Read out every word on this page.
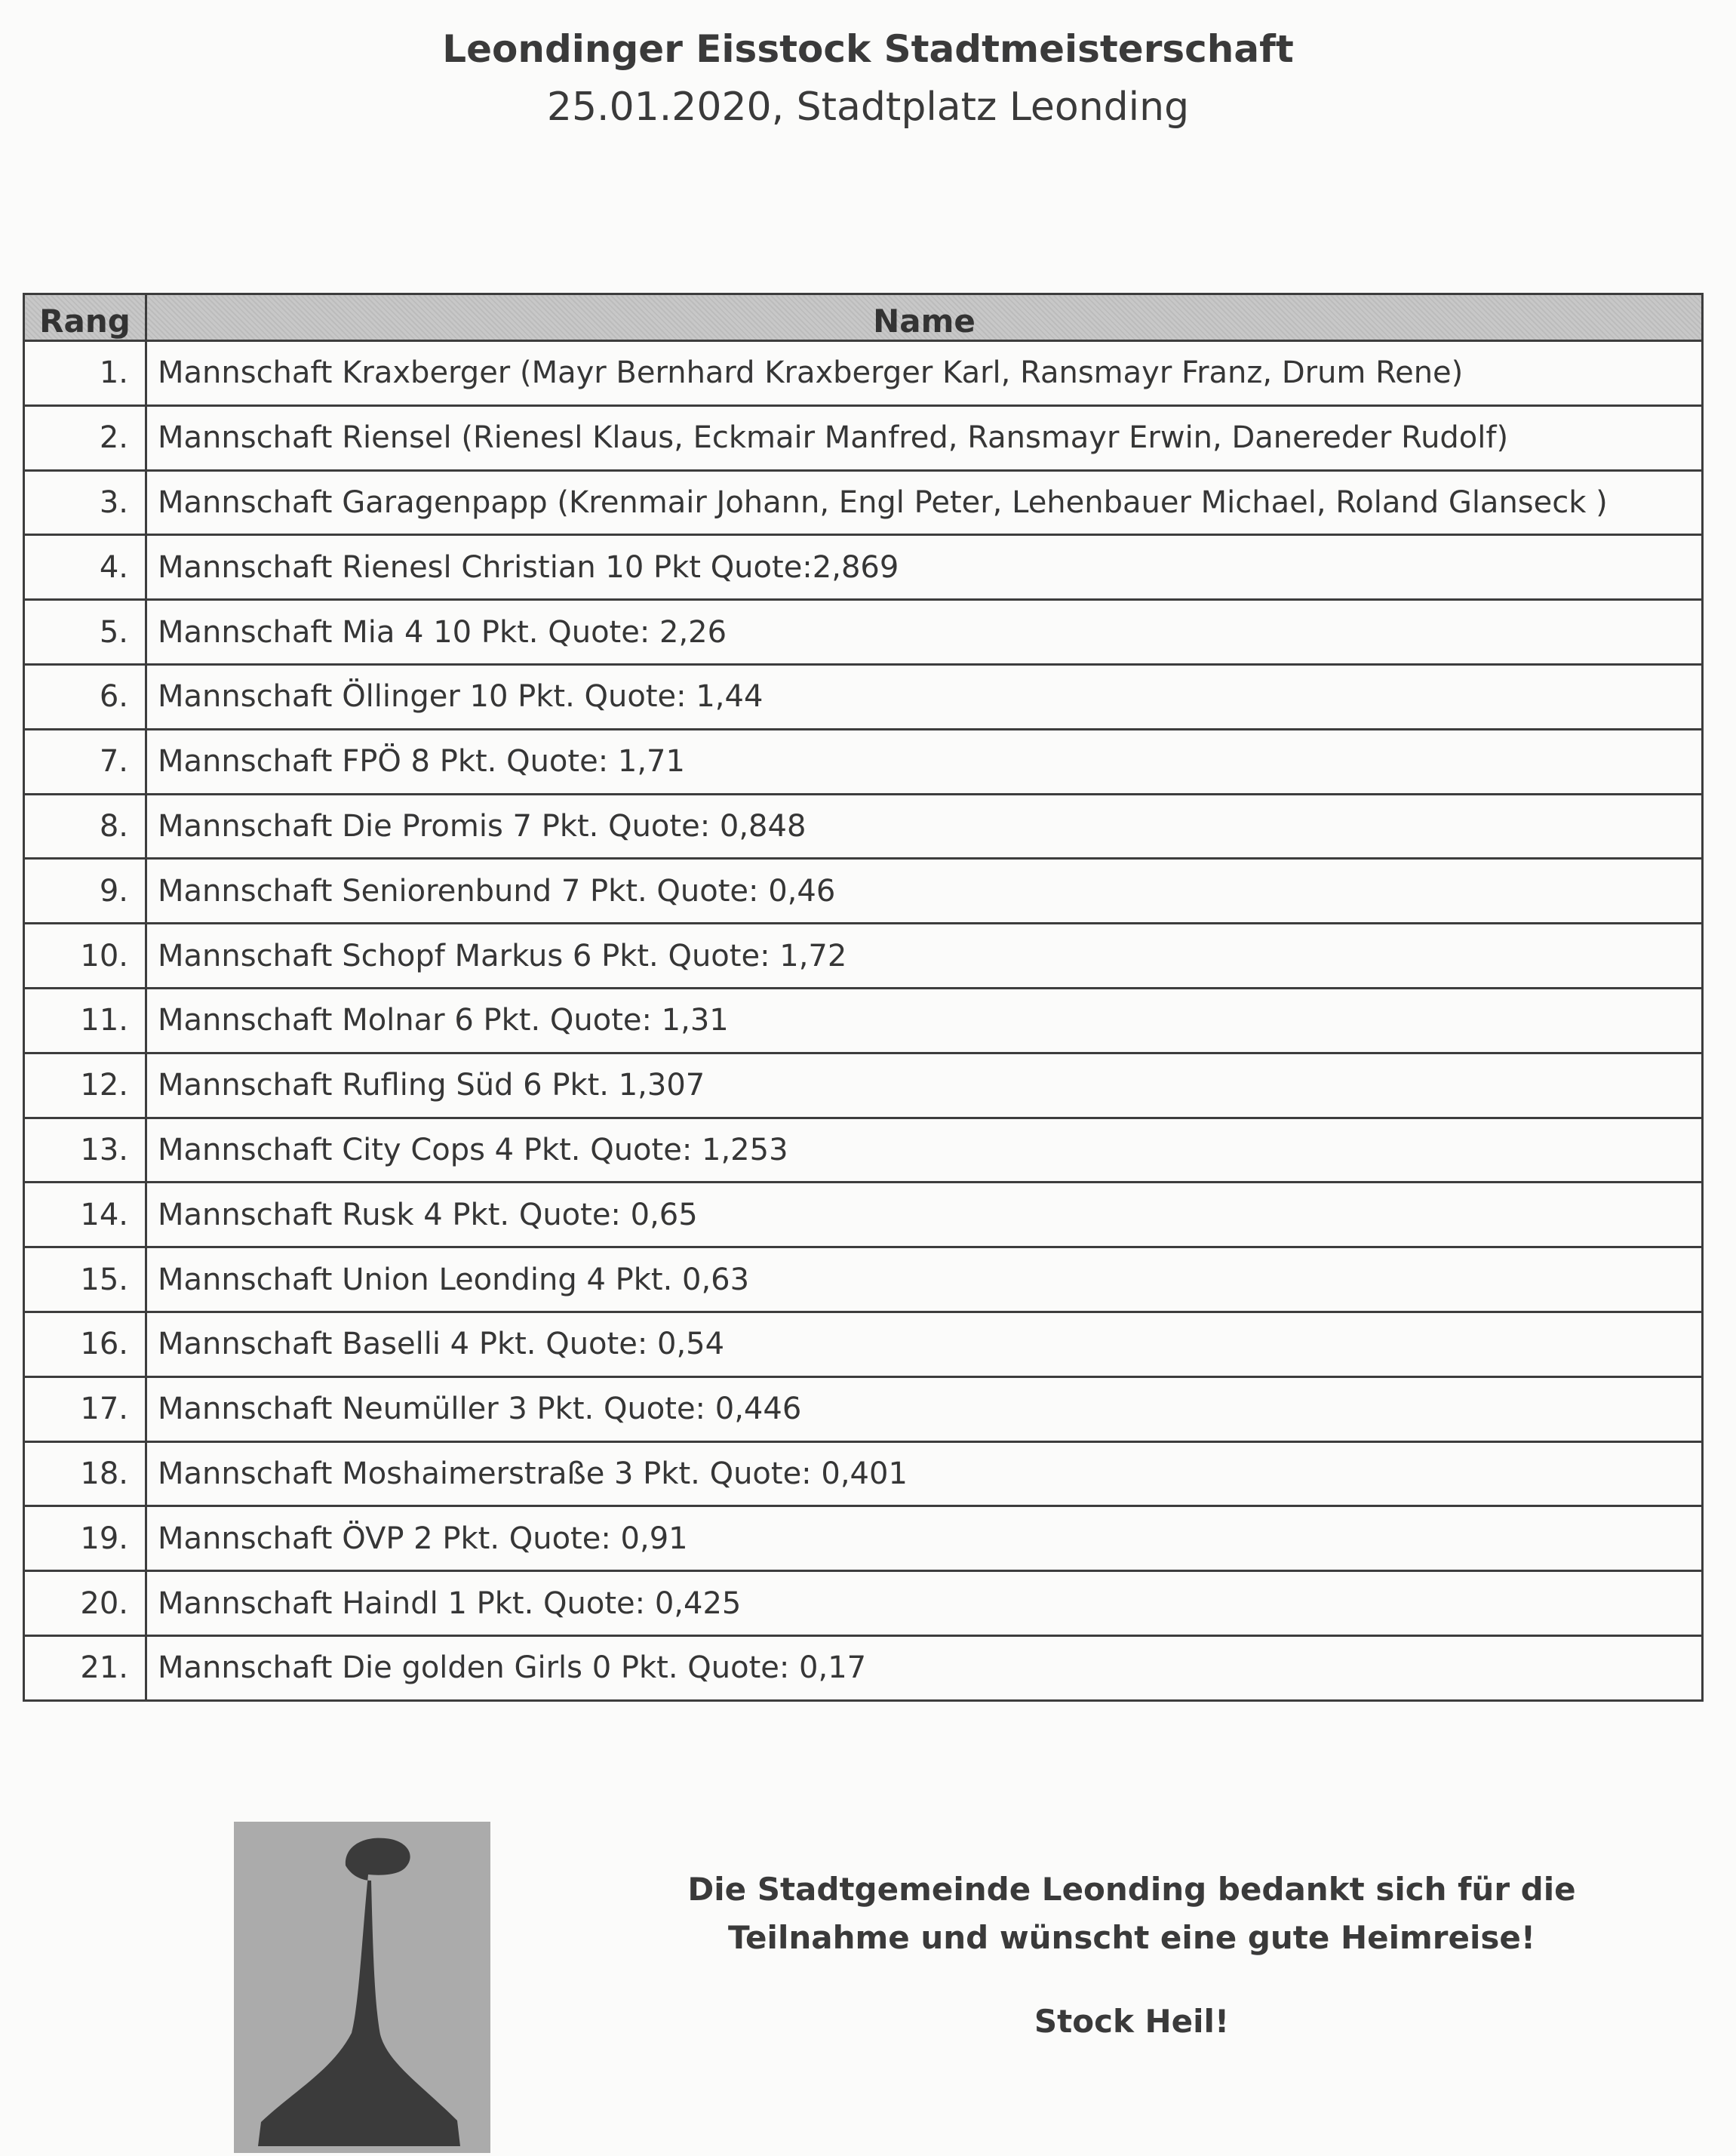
Leondinger Eisstock Stadtmeisterschaft
25.01.2020, Stadtplatz Leonding
Rang	Name
1.	Mannschaft Kraxberger (Mayr Bernhard Kraxberger Karl, Ransmayr Franz, Drum Rene)
2.	Mannschaft Riensel (Rienesl Klaus, Eckmair Manfred, Ransmayr Erwin, Danereder Rudolf)
3.	Mannschaft Garagenpapp (Krenmair Johann, Engl Peter, Lehenbauer Michael, Roland Glanseck )
4.	Mannschaft Rienesl Christian 10 Pkt Quote:2,869
5.	Mannschaft Mia 4 10 Pkt. Quote: 2,26
6.	Mannschaft Öllinger 10 Pkt. Quote: 1,44
7.	Mannschaft FPÖ 8 Pkt. Quote: 1,71
8.	Mannschaft Die Promis 7 Pkt. Quote: 0,848
9.	Mannschaft Seniorenbund 7 Pkt. Quote: 0,46
10.	Mannschaft Schopf Markus 6 Pkt. Quote: 1,72
11.	Mannschaft Molnar 6 Pkt. Quote: 1,31
12.	Mannschaft Rufling Süd 6 Pkt. 1,307
13.	Mannschaft City Cops 4 Pkt. Quote: 1,253
14.	Mannschaft Rusk 4 Pkt. Quote: 0,65
15.	Mannschaft Union Leonding 4 Pkt. 0,63
16.	Mannschaft Baselli 4 Pkt. Quote: 0,54
17.	Mannschaft Neumüller 3 Pkt. Quote: 0,446
18.	Mannschaft Moshaimerstraße 3 Pkt. Quote: 0,401
19.	Mannschaft ÖVP 2 Pkt. Quote: 0,91
20.	Mannschaft Haindl 1 Pkt. Quote: 0,425
21.	Mannschaft Die golden Girls 0 Pkt. Quote: 0,17
Die Stadtgemeinde Leonding bedankt sich für die
Teilnahme und wünscht eine gute Heimreise!
Stock Heil!
